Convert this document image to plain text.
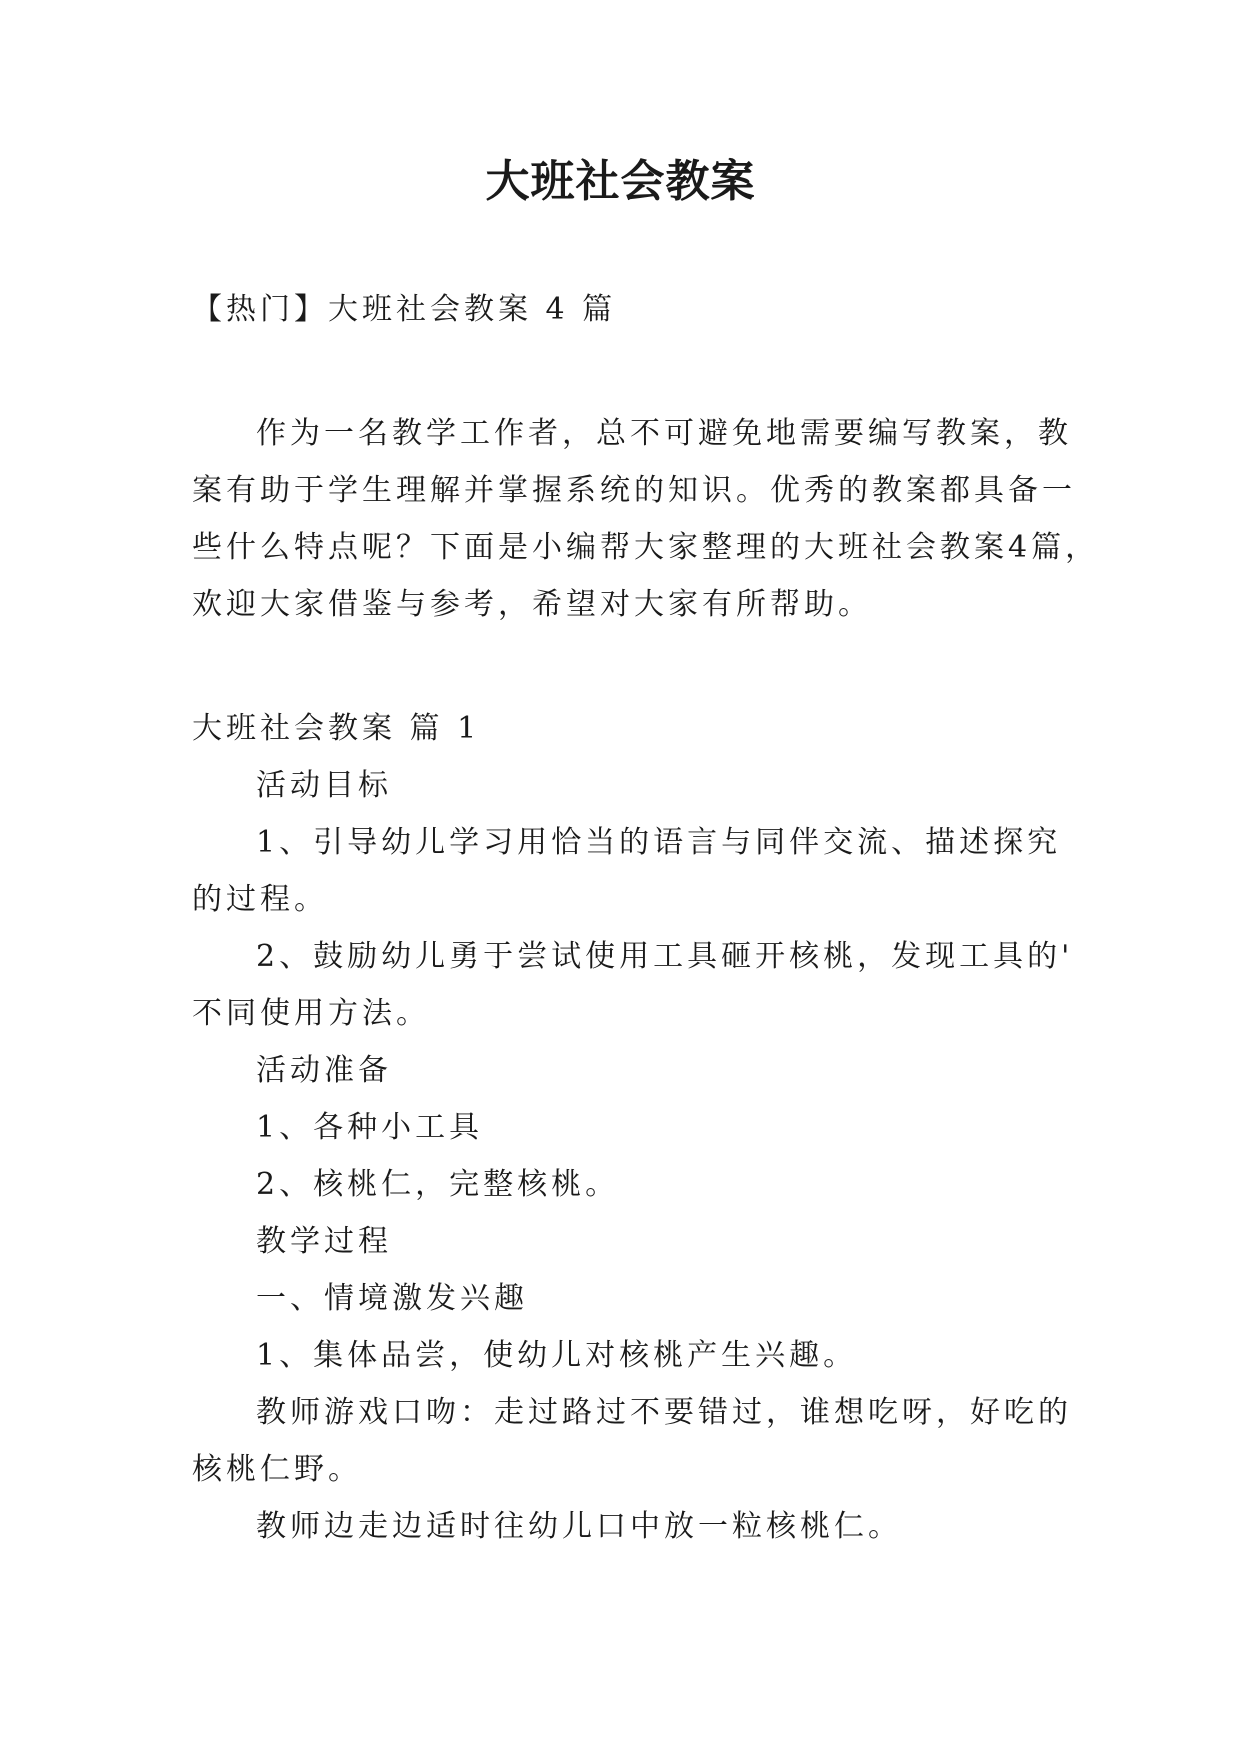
大班社会教案

【热门】大班社会教案 4 篇

作为一名教学工作者，总不可避免地需要编写教案，教

案有助于学生理解并掌握系统的知识。优秀的教案都具备一

些什么特点呢？下面是小编帮大家整理的大班社会教案4篇，

欢迎大家借鉴与参考，希望对大家有所帮助。

大班社会教案 篇 1

活动目标

1、引导幼儿学习用恰当的语言与同伴交流、描述探究

的过程。

2、鼓励幼儿勇于尝试使用工具砸开核桃，发现工具的'

不同使用方法。

活动准备

1、各种小工具

2、核桃仁，完整核桃。

教学过程

一、情境激发兴趣

1、集体品尝，使幼儿对核桃产生兴趣。

教师游戏口吻：走过路过不要错过，谁想吃呀，好吃的

核桃仁野。

教师边走边适时往幼儿口中放一粒核桃仁。
